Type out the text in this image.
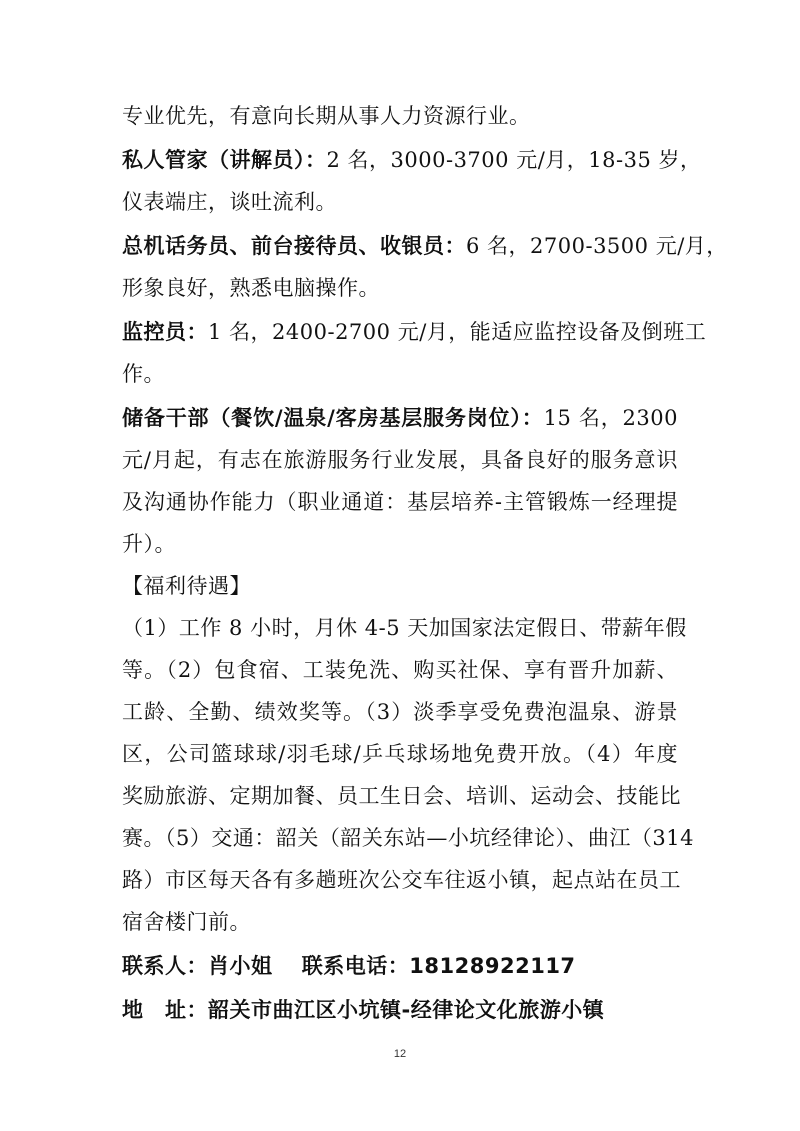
专业优先，有意向长期从事人力资源行业。
私人管家（讲解员）：2 名，3000-3700 元/月，18-35 岁，
仪表端庄，谈吐流利。
总机话务员、前台接待员、收银员：6 名，2700-3500 元/月，
形象良好，熟悉电脑操作。
监控员：1 名，2400-2700 元/月，能适应监控设备及倒班工
作。
储备干部（餐饮/温泉/客房基层服务岗位）：15 名，2300
元/月起，有志在旅游服务行业发展，具备良好的服务意识
及沟通协作能力（职业通道：基层培养-主管锻炼一经理提
升）。
【福利待遇】
（1）工作 8 小时，月休 4-5 天加国家法定假日、带薪年假
等。（2）包食宿、工装免洗、购买社保、享有晋升加薪、
工龄、全勤、绩效奖等。（3）淡季享受免费泡温泉、游景
区，公司篮球球/羽毛球/乒乓球场地免费开放。（4）年度
奖励旅游、定期加餐、员工生日会、培训、运动会、技能比
赛。（5）交通：韶关（韶关东站—小坑经律论）、曲江（314
路）市区每天各有多趟班次公交车往返小镇，起点站在员工
宿舍楼门前。
联系人：肖小姐　 联系电话：18128922117
地　址：韶关市曲江区小坑镇-经律论文化旅游小镇
12
